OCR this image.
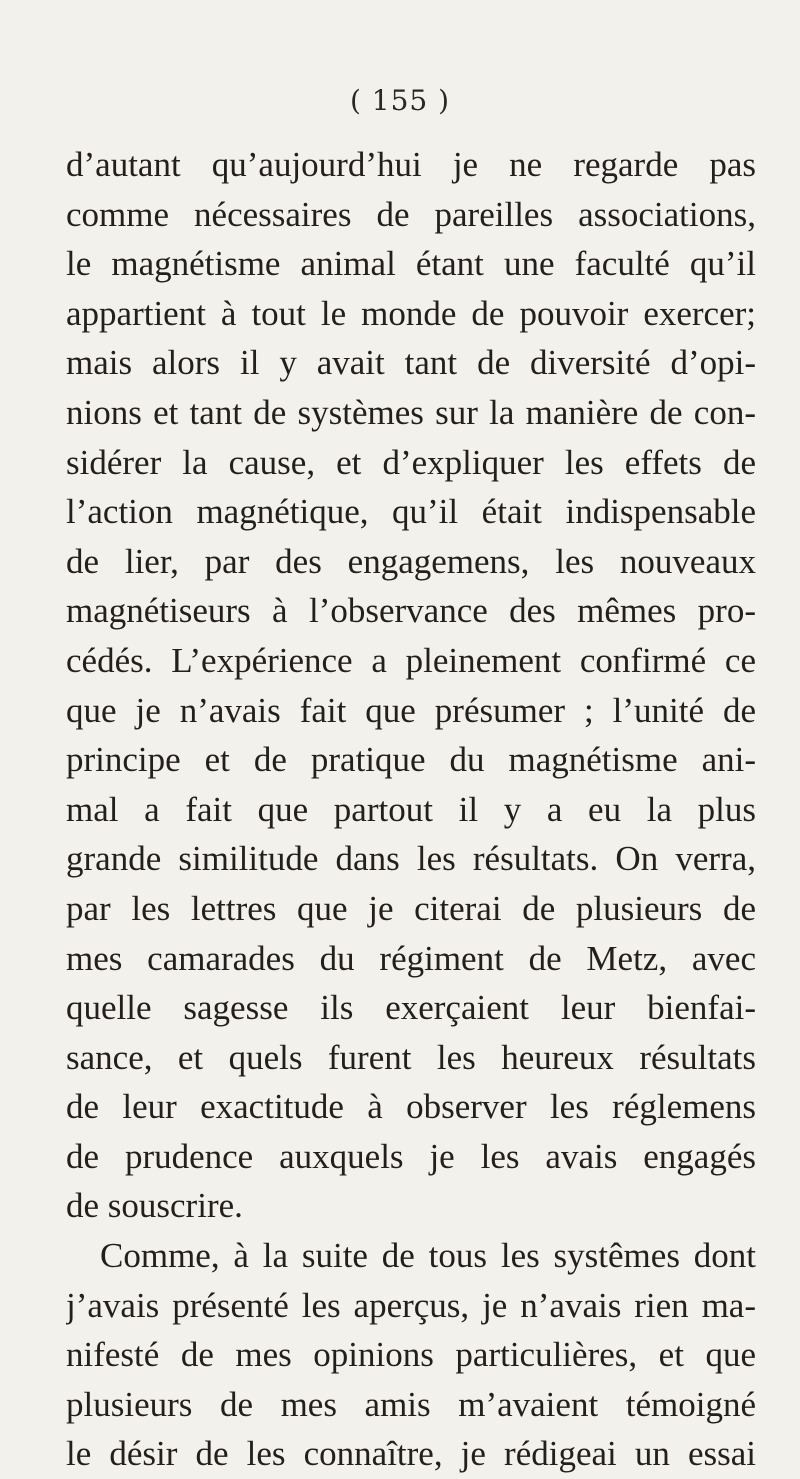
( 155 )
d’autant qu’aujourd’hui je ne regarde pas
comme nécessaires de pareilles associations,
le magnétisme animal étant une faculté qu’il
appartient à tout le monde de pouvoir exercer;
mais alors il y avait tant de diversité d’opi-
nions et tant de systèmes sur la manière de con-
sidérer la cause, et d’expliquer les effets de
l’action magnétique, qu’il était indispensable
de lier, par des engagemens, les nouveaux
magnétiseurs à l’observance des mêmes pro-
cédés. L’expérience a pleinement confirmé ce
que je n’avais fait que présumer ; l’unité de
principe et de pratique du magnétisme ani-
mal a fait que partout il y a eu la plus
grande similitude dans les résultats. On verra,
par les lettres que je citerai de plusieurs de
mes camarades du régiment de Metz, avec
quelle sagesse ils exerçaient leur bienfai-
sance, et quels furent les heureux résultats
de leur exactitude à observer les réglemens
de prudence auxquels je les avais engagés
de souscrire.
Comme, à la suite de tous les systêmes dont
j’avais présenté les aperçus, je n’avais rien ma-
nifesté de mes opinions particulières, et que
plusieurs de mes amis m’avaient témoigné
le désir de les connaître, je rédigeai un essai
